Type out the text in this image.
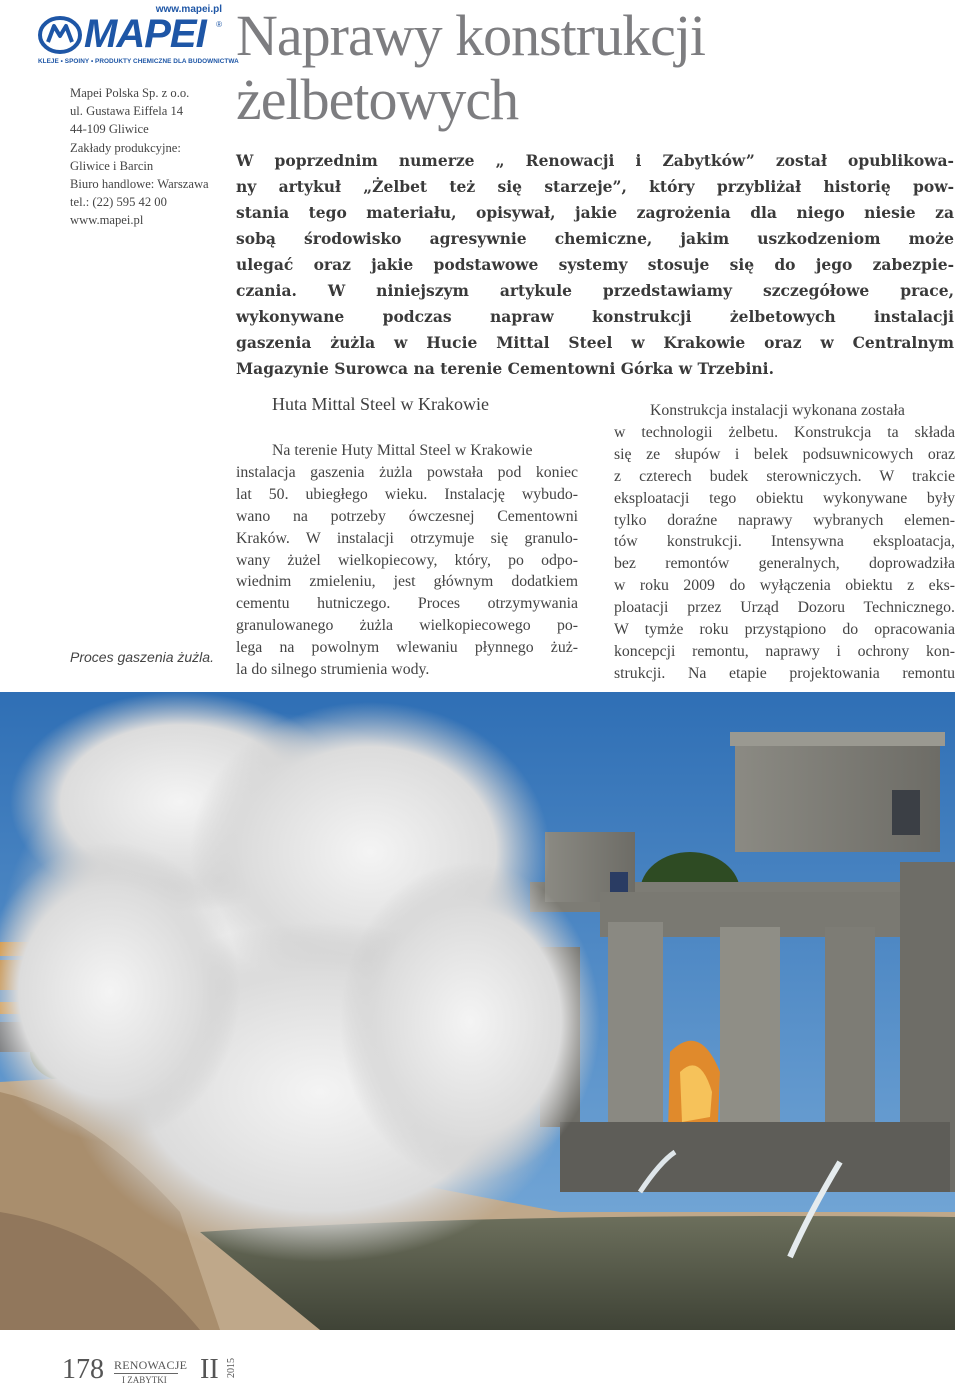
www.mapei.pl
MAPEI ®
KLEJE • SPOINY • PRODUKTY CHEMICZNE DLA BUDOWNICTWA
Mapei Polska Sp. z o.o.
ul. Gustawa Eiffela 14
44-109 Gliwice
Zakłady produkcyjne:
Gliwice i Barcin
Biuro handlowe: Warszawa
tel.: (22) 595 42 00
www.mapei.pl
Naprawy konstrukcji
żelbetowych
W poprzednim numerze „ Renowacji i Zabytków” został opublikowa-
ny artykuł „Żelbet też się starzeje”, który przybliżał historię pow-
stania tego materiału, opisywał, jakie zagrożenia dla niego niesie za
sobą środowisko agresywnie chemiczne, jakim uszkodzeniom może
ulegać oraz jakie podstawowe systemy stosuje się do jego zabezpie-
czania. W niniejszym artykule przedstawiamy szczegółowe prace,
wykonywane podczas napraw konstrukcji żelbetowych instalacji
gaszenia żużla w Hucie Mittal Steel w Krakowie oraz w Centralnym
Magazynie Surowca na terenie Cementowni Górka w Trzebini.
Huta Mittal Steel w Krakowie
Na terenie Huty Mittal Steel w Krakowie
instalacja gaszenia żużla powstała pod koniec
lat 50. ubiegłego wieku. Instalację wybudo-
wano na potrzeby ówczesnej Cementowni
Kraków. W instalacji otrzymuje się granulo-
wany żużel wielkopiecowy, który, po odpo-
wiednim zmieleniu, jest głównym dodatkiem
cementu hutniczego. Proces otrzymywania
granulowanego żużla wielkopiecowego po-
lega na powolnym wlewaniu płynnego żuż-
la do silnego strumienia wody.
Konstrukcja instalacji wykonana została
w technologii żelbetu. Konstrukcja ta składa
się ze słupów i belek podsuwnicowych oraz
z czterech budek sterowniczych. W trakcie
eksploatacji tego obiektu wykonywane były
tylko doraźne naprawy wybranych elemen-
tów konstrukcji. Intensywna eksploatacja,
bez remontów generalnych, doprowadziła
w roku 2009 do wyłączenia obiektu z eks-
ploatacji przez Urząd Dozoru Technicznego.
W tymże roku przystąpiono do opracowania
koncepcji remontu, naprawy i ochrony kon-
strukcji. Na etapie projektowania remontu
Proces gaszenia żużla.
178 RENOWACJE
I ZABYTKI II 2015
